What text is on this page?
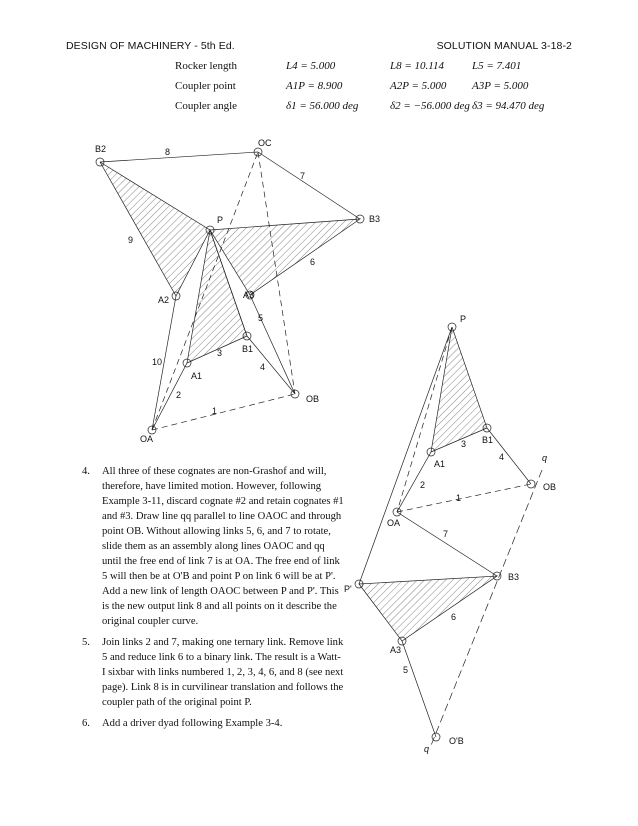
DESIGN OF MACHINERY - 5th Ed.	SOLUTION MANUAL 3-18-2
Rocker length	L4 = 5.000	L8 = 10.114	L5 = 7.401
Coupler point	A1P = 8.900	A2P = 5.000 A3P = 5.000
Coupler angle	δ1 = 56.000 deg	δ2 = −56.000 deg δ3 = 94.470 deg
B2
OC
B3
P
A2	A3
B1
A1
OA
OB
8
7
9
6
5
3
10	4
2
1
P
B1
A1
OB
OA
P'
B3
A3
O'B
3
4
2
1
7
6
5
q
q
4. All three of these cognates are non-Grashof and will, therefore, have limited motion. However, following Example 3-11, discard cognate #2 and retain cognates #1 and #3. Draw line qq parallel to line OAOC and through point OB. Without allowing links 5, 6, and 7 to rotate, slide them as an assembly along lines OAOC and qq until the free end of link 7 is at OA. The free end of link 5 will then be at O'B and point P on link 6 will be at P'. Add a new link of length OAOC between P and P'. This is the new output link 8 and all points on it describe the original coupler curve.

5. Join links 2 and 7, making one ternary link. Remove link 5 and reduce link 6 to a binary link. The result is a Watt-I sixbar with links numbered 1, 2, 3, 4, 6, and 8 (see next page). Link 8 is in curvilinear translation and follows the coupler path of the original point P.

6. Add a driver dyad following Example 3-4.
